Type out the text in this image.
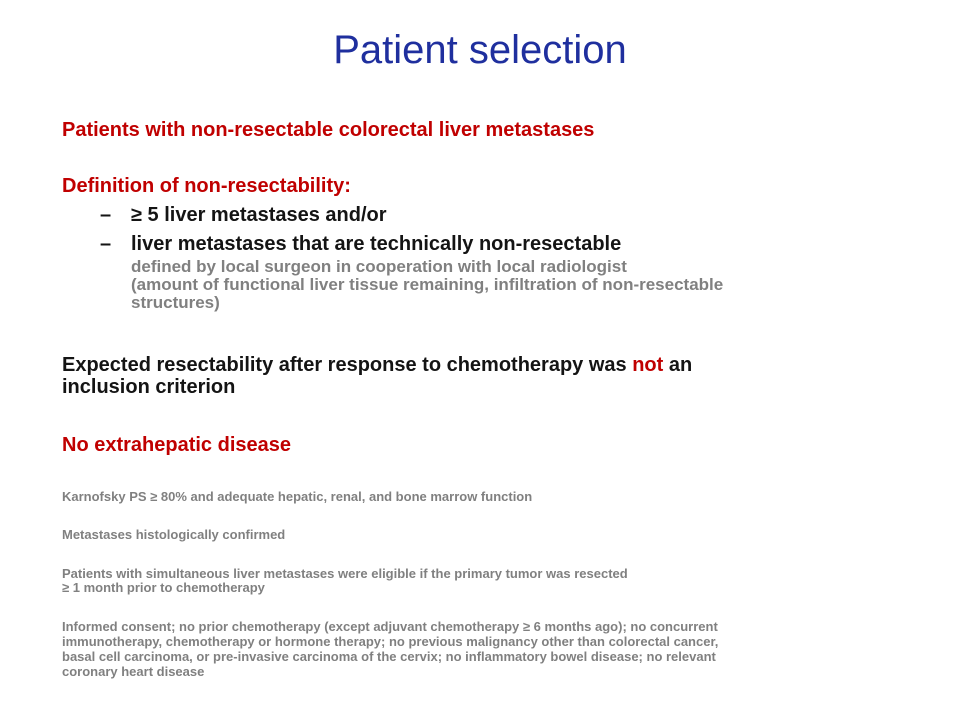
Patient selection

Patients with non-resectable colorectal liver metastases

Definition of non-resectability:

– ≥ 5 liver metastases and/or
– liver metastases that are technically non-resectable
defined by local surgeon in cooperation with local radiologist
(amount of functional liver tissue remaining, infiltration of non-resectable
structures)
Expected resectability after response to chemotherapy was not an
inclusion criterion

No extrahepatic disease

Karnofsky PS ≥ 80% and adequate hepatic, renal, and bone marrow function

Metastases histologically confirmed

Patients with simultaneous liver metastases were eligible if the primary tumor was resected
≥ 1 month prior to chemotherapy
Informed consent; no prior chemotherapy (except adjuvant chemotherapy ≥ 6 months ago); no concurrent
immunotherapy, chemotherapy or hormone therapy; no previous malignancy other than colorectal cancer,
basal cell carcinoma, or pre-invasive carcinoma of the cervix; no inflammatory bowel disease; no relevant
coronary heart disease
